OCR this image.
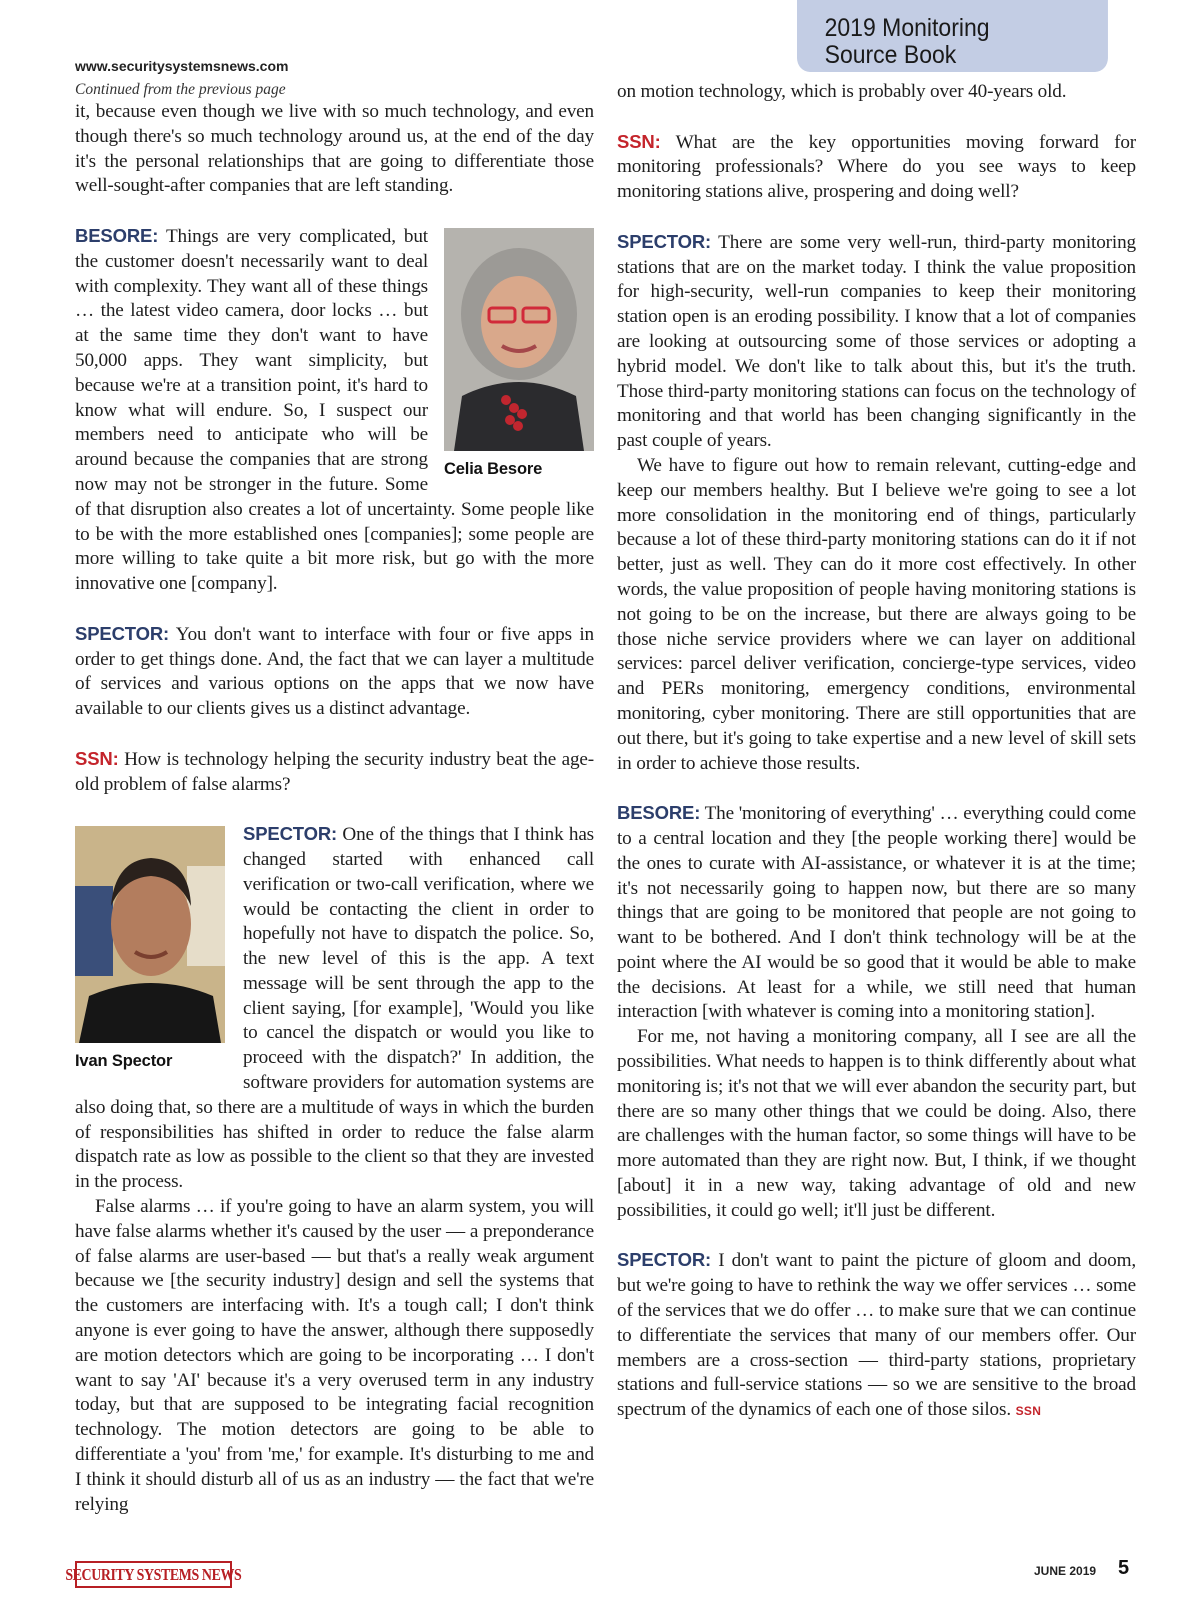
2019 Monitoring
Source Book
www.securitysystemsnews.com
Continued from the previous page

it, because even though we live with so much technology, and even though there's so much technology around us, at the end of the day it's the personal relationships that are going to differentiate those well-sought-after companies that are left standing.

Celia Besore
BESORE: Things are very complicated, but the customer doesn't necessarily want to deal with complexity. They want all of these things … the latest video camera, door locks … but at the same time they don't want to have 50,000 apps. They want simplicity, but because we're at a transition point, it's hard to know what will endure. So, I suspect our members need to anticipate who will be around because the companies that are strong now may not be stronger in the future. Some of that disruption also creates a lot of uncertainty. Some people like to be with the more established ones [companies]; some people are more willing to take quite a bit more risk, but go with the more innovative one [company].

SPECTOR: You don't want to interface with four or five apps in order to get things done. And, the fact that we can layer a multitude of services and various options on the apps that we now have available to our clients gives us a distinct advantage.

SSN: How is technology helping the security industry beat the age-old problem of false alarms?

Ivan Spector
SPECTOR: One of the things that I think has changed started with enhanced call verification or two-call verification, where we would be contacting the client in order to hopefully not have to dispatch the police. So, the new level of this is the app. A text message will be sent through the app to the client saying, [for example], 'Would you like to cancel the dispatch or would you like to proceed with the dispatch?' In addition, the software providers for automation systems are also doing that, so there are a multitude of ways in which the burden of responsibilities has shifted in order to reduce the false alarm dispatch rate as low as possible to the client so that they are invested in the process.

False alarms … if you're going to have an alarm system, you will have false alarms whether it's caused by the user — a preponderance of false alarms are user-based — but that's a really weak argument because we [the security industry] design and sell the systems that the customers are interfacing with. It's a tough call; I don't think anyone is ever going to have the answer, although there supposedly are motion detectors which are going to be incorporating … I don't want to say 'AI' because it's a very overused term in any industry today, but that are supposed to be integrating facial recognition technology. The motion detectors are going to be able to differentiate a 'you' from 'me,' for example. It's disturbing to me and I think it should disturb all of us as an industry — the fact that we're relying

on motion technology, which is probably over 40-years old.

SSN: What are the key opportunities moving forward for monitoring professionals? Where do you see ways to keep monitoring stations alive, prospering and doing well?

SPECTOR: There are some very well-run, third-party monitoring stations that are on the market today. I think the value proposition for high-security, well-run companies to keep their monitoring station open is an eroding possibility. I know that a lot of companies are looking at outsourcing some of those services or adopting a hybrid model. We don't like to talk about this, but it's the truth. Those third-party monitoring stations can focus on the technology of monitoring and that world has been changing significantly in the past couple of years.

We have to figure out how to remain relevant, cutting-edge and keep our members healthy. But I believe we're going to see a lot more consolidation in the monitoring end of things, particularly because a lot of these third-party monitoring stations can do it if not better, just as well. They can do it more cost effectively. In other words, the value proposition of people having monitoring stations is not going to be on the increase, but there are always going to be those niche service providers where we can layer on additional services: parcel deliver verification, concierge-type services, video and PERs monitoring, emergency conditions, environmental monitoring, cyber monitoring. There are still opportunities that are out there, but it's going to take expertise and a new level of skill sets in order to achieve those results.

BESORE: The 'monitoring of everything' … everything could come to a central location and they [the people working there] would be the ones to curate with AI-assistance, or whatever it is at the time; it's not necessarily going to happen now, but there are so many things that are going to be monitored that people are not going to want to be bothered. And I don't think technology will be at the point where the AI would be so good that it would be able to make the decisions. At least for a while, we still need that human interaction [with whatever is coming into a monitoring station].

For me, not having a monitoring company, all I see are all the possibilities. What needs to happen is to think differently about what monitoring is; it's not that we will ever abandon the security part, but there are so many other things that we could be doing. Also, there are challenges with the human factor, so some things will have to be more automated than they are right now. But, I think, if we thought [about] it in a new way, taking advantage of old and new possibilities, it could go well; it'll just be different.

SPECTOR: I don't want to paint the picture of gloom and doom, but we're going to have to rethink the way we offer services … some of the services that we do offer … to make sure that we can continue to differentiate the services that many of our members offer. Our members are a cross-section — third-party stations, proprietary stations and full-service stations — so we are sensitive to the broad spectrum of the dynamics of each one of those silos. SSN

SECURITY SYSTEMS NEWS	JUNE 2019 5
